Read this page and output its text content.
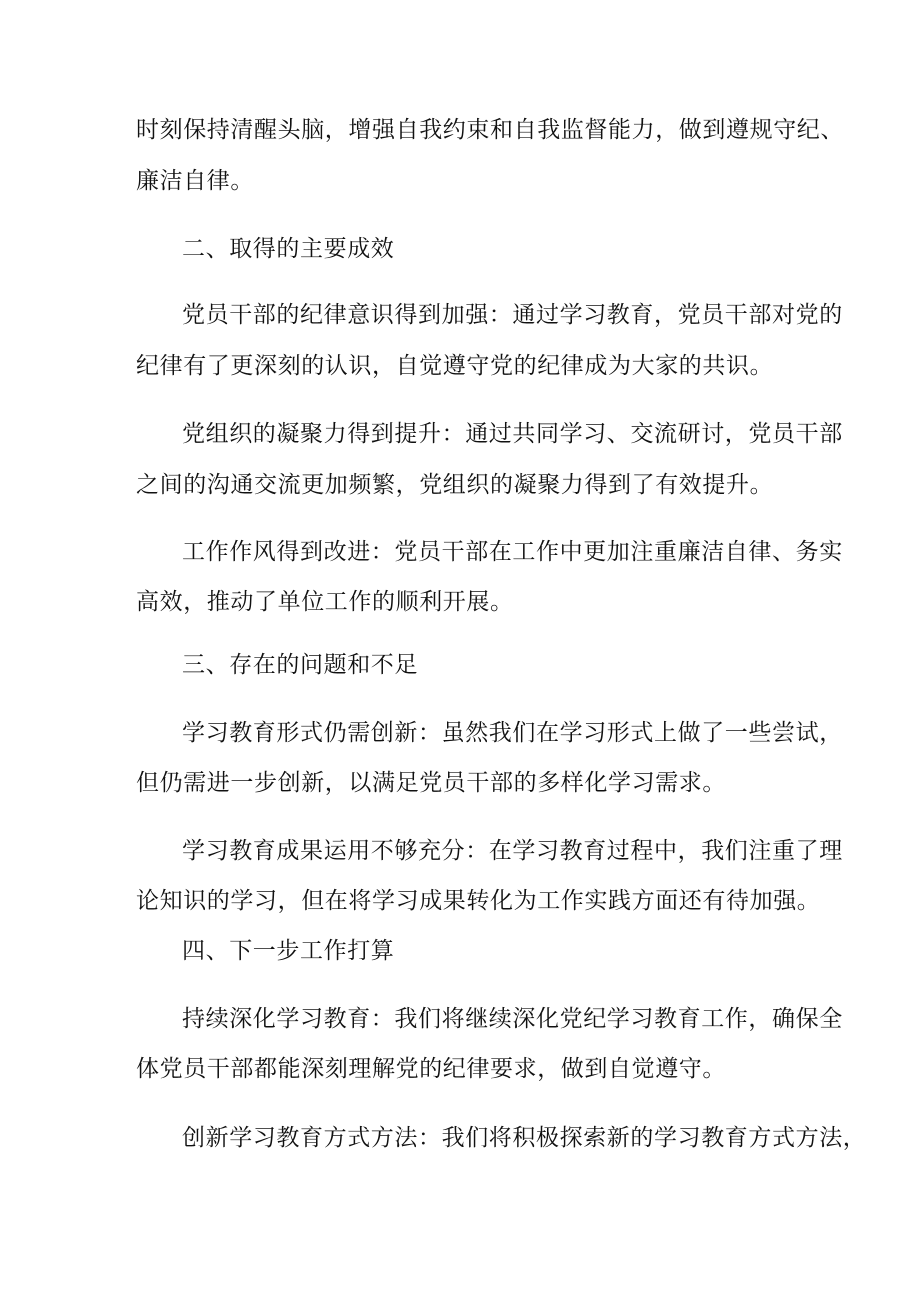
时刻保持清醒头脑，增强自我约束和自我监督能力，做到遵规守纪、
廉洁自律。
二、取得的主要成效
党员干部的纪律意识得到加强：通过学习教育，党员干部对党的
纪律有了更深刻的认识，自觉遵守党的纪律成为大家的共识。
党组织的凝聚力得到提升：通过共同学习、交流研讨，党员干部
之间的沟通交流更加频繁，党组织的凝聚力得到了有效提升。
工作作风得到改进：党员干部在工作中更加注重廉洁自律、务实
高效，推动了单位工作的顺利开展。
三、存在的问题和不足
学习教育形式仍需创新：虽然我们在学习形式上做了一些尝试，
但仍需进一步创新，以满足党员干部的多样化学习需求。
学习教育成果运用不够充分：在学习教育过程中，我们注重了理
论知识的学习，但在将学习成果转化为工作实践方面还有待加强。
四、下一步工作打算
持续深化学习教育：我们将继续深化党纪学习教育工作，确保全
体党员干部都能深刻理解党的纪律要求，做到自觉遵守。
创新学习教育方式方法：我们将积极探索新的学习教育方式方法，
